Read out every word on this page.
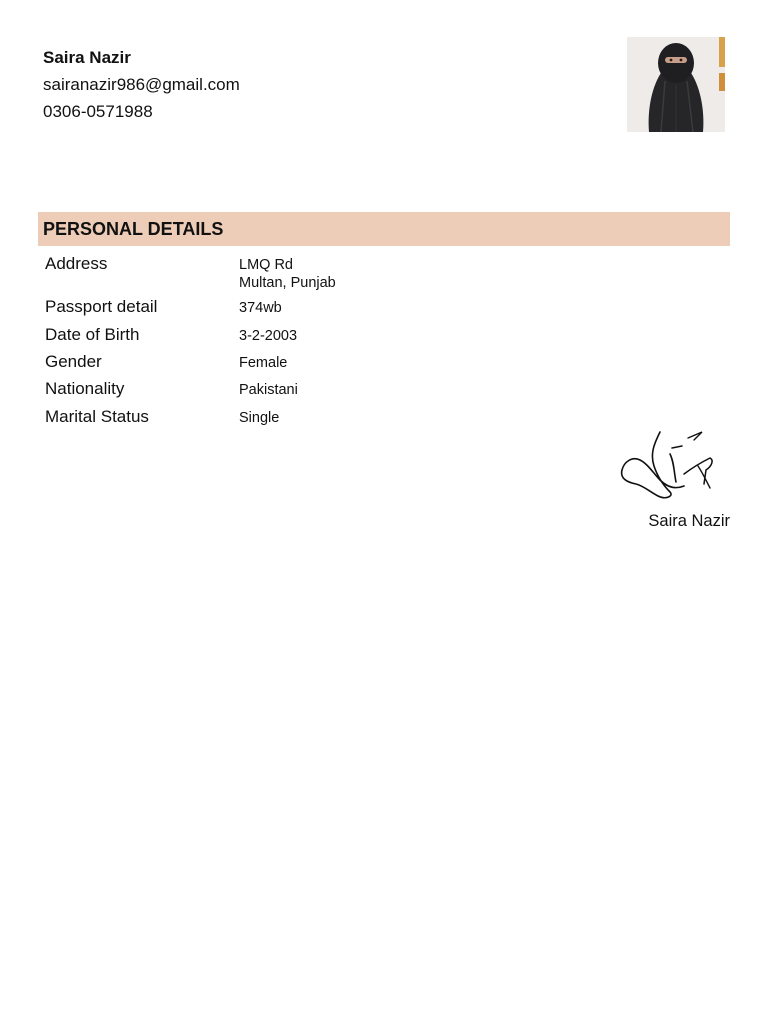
Saira Nazir
sairanazir986@gmail.com
0306-0571988
PERSONAL DETAILS
Address	LMQ Rd
Multan, Punjab
Passport detail	374wb
Date of Birth	3-2-2003
Gender	Female
Nationality	Pakistani
Marital Status	Single
Saira Nazir
